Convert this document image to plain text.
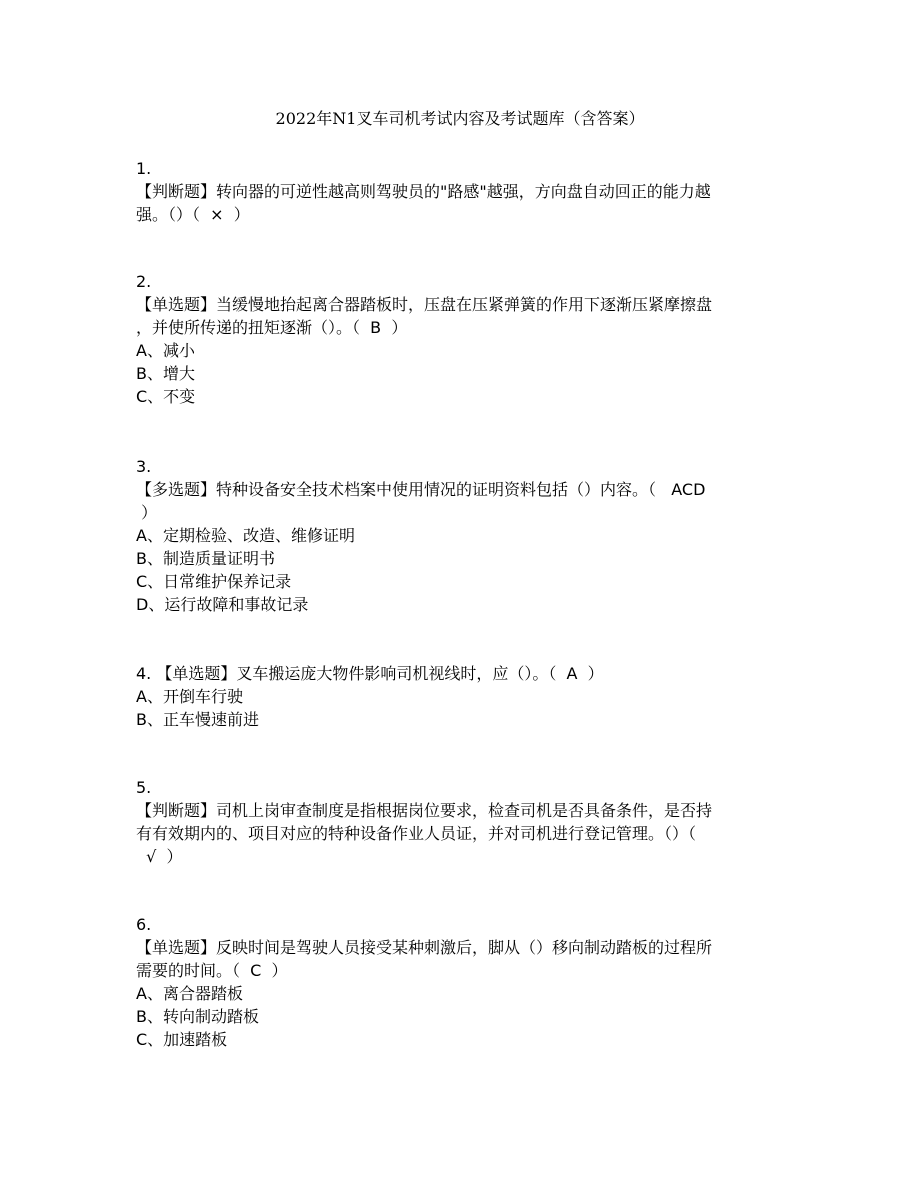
2022年N1叉车司机考试内容及考试题库（含答案）
1.
【判断题】转向器的可逆性越高则驾驶员的"路感"越强，方向盘自动回正的能力越
强。（）（  ×  ）
2.
【单选题】当缓慢地抬起离合器踏板时，压盘在压紧弹簧的作用下逐渐压紧摩擦盘
，并使所传递的扭矩逐渐（）。（  B  ）
A、减小
B、增大
C、不变
3.
【多选题】特种设备安全技术档案中使用情况的证明资料包括（）内容。（   ACD
）
A、定期检验、改造、维修证明
B、制造质量证明书
C、日常维护保养记录
D、运行故障和事故记录
4. 【单选题】叉车搬运庞大物件影响司机视线时，应（）。（  A  ）
A、开倒车行驶
B、正车慢速前进
5.
【判断题】司机上岗审查制度是指根据岗位要求，检查司机是否具备条件，是否持
有有效期内的、项目对应的特种设备作业人员证，并对司机进行登记管理。（）（
√  ）
6.
【单选题】反映时间是驾驶人员接受某种刺激后，脚从（）移向制动踏板的过程所
需要的时间。（  C  ）
A、离合器踏板
B、转向制动踏板
C、加速踏板
